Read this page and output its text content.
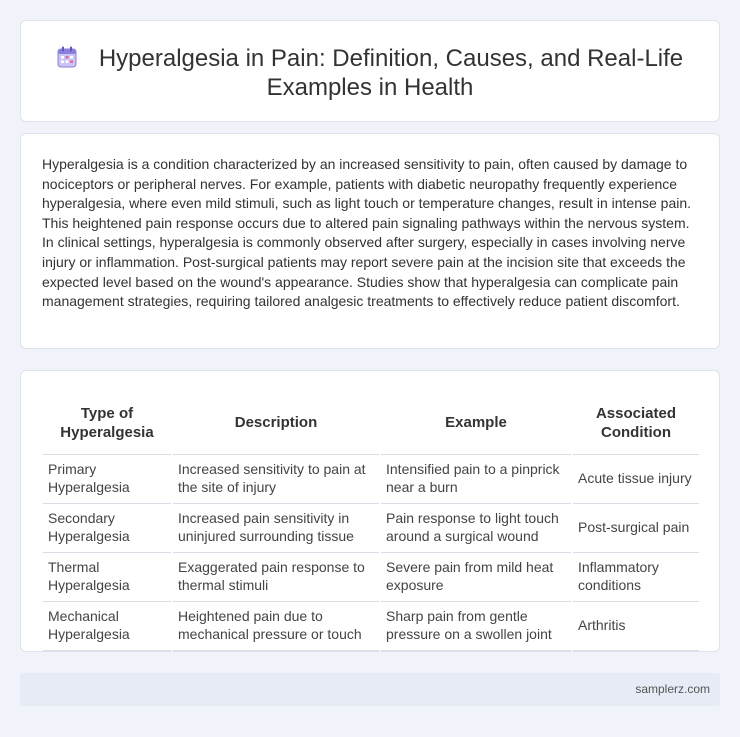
Hyperalgesia in Pain: Definition, Causes, and Real-Life Examples in Health

Hyperalgesia is a condition characterized by an increased sensitivity to pain, often caused by damage to nociceptors or peripheral nerves. For example, patients with diabetic neuropathy frequently experience hyperalgesia, where even mild stimuli, such as light touch or temperature changes, result in intense pain. This heightened pain response occurs due to altered pain signaling pathways within the nervous system. In clinical settings, hyperalgesia is commonly observed after surgery, especially in cases involving nerve injury or inflammation. Post-surgical patients may report severe pain at the incision site that exceeds the expected level based on the wound's appearance. Studies show that hyperalgesia can complicate pain management strategies, requiring tailored analgesic treatments to effectively reduce patient discomfort.

Type of Hyperalgesia	Description	Example	Associated Condition
Primary Hyperalgesia	Increased sensitivity to pain at the site of injury	Intensified pain to a pinprick near a burn	Acute tissue injury
Secondary Hyperalgesia	Increased pain sensitivity in uninjured surrounding tissue	Pain response to light touch around a surgical wound	Post-surgical pain
Thermal Hyperalgesia	Exaggerated pain response to thermal stimuli	Severe pain from mild heat exposure	Inflammatory conditions
Mechanical Hyperalgesia	Heightened pain due to mechanical pressure or touch	Sharp pain from gentle pressure on a swollen joint	Arthritis
samplerz.com
